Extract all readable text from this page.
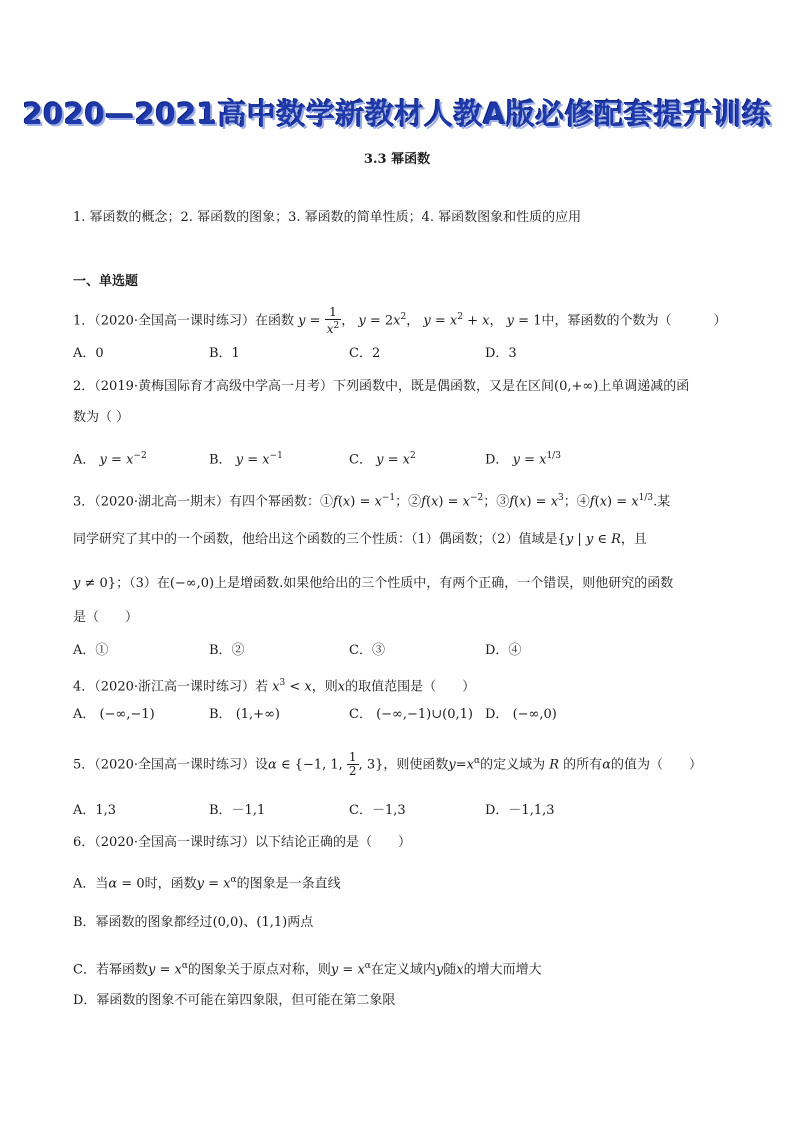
2020—2021高中数学新教材人教A版必修配套提升训练
3.3 幂函数
1. 幂函数的概念；2. 幂函数的图象；3. 幂函数的简单性质；4. 幂函数图象和性质的应用
一、单选题
1．（2020·全国高一课时练习）在函数 $y = \frac{1}{x^2}$ ， $y = 2x^2$， $y = x^2 + x$， y = 1中，幂函数的个数为（	）
A．0	B．1	C．2	D．3
2．（2019·黄梅国际育才高级中学高一月考）下列函数中，既是偶函数，又是在区间(0,+∞)上单调递减的函
数为（ ）
A． $y = x^{-2}$	B． $y = x^{-1}$	C． $y = x^2$	D． $y = x^{1/3}$
3．（2020·湖北高一期末）有四个幂函数：①f(x) = $x^{-1}$；②f(x) = $x^{-2}$；③f(x) = $x^3$；④f(x) = $x^{1/3}$.某
同学研究了其中的一个函数，他给出这个函数的三个性质：（1）偶函数；（2）值域是{y | y ∈ R，且
y ≠ 0}；（3）在(−∞,0)上是增函数.如果他给出的三个性质中，有两个正确，一个错误，则他研究的函数
是（　　）
A．①	B．②	C．③	D．④
4．（2020·浙江高一课时练习）若 $x^3 < x$，则x的取值范围是（　　）
A． (−∞,−1)	B． (1,+∞)	C． (−∞,−1)∪(0,1) D． (−∞,0)
5．（2020·全国高一课时练习）设α ∈ {−1, 1, $\frac{1}{2}$ , 3}，则使函数$y=x^\alpha$的定义域为 R 的所有α的值为（　　）
A．1,3	B．－1,1	C．－1,3	D．－1,1,3
6．（2020·全国高一课时练习）以下结论正确的是（　　）
A．当α = 0时，函数$y = x^\alpha$的图象是一条直线
B．幂函数的图象都经过(0,0)、(1,1)两点
C．若幂函数$y = x^\alpha$的图象关于原点对称，则$y = x^\alpha$在定义域内y随x的增大而增大
D．幂函数的图象不可能在第四象限，但可能在第二象限
